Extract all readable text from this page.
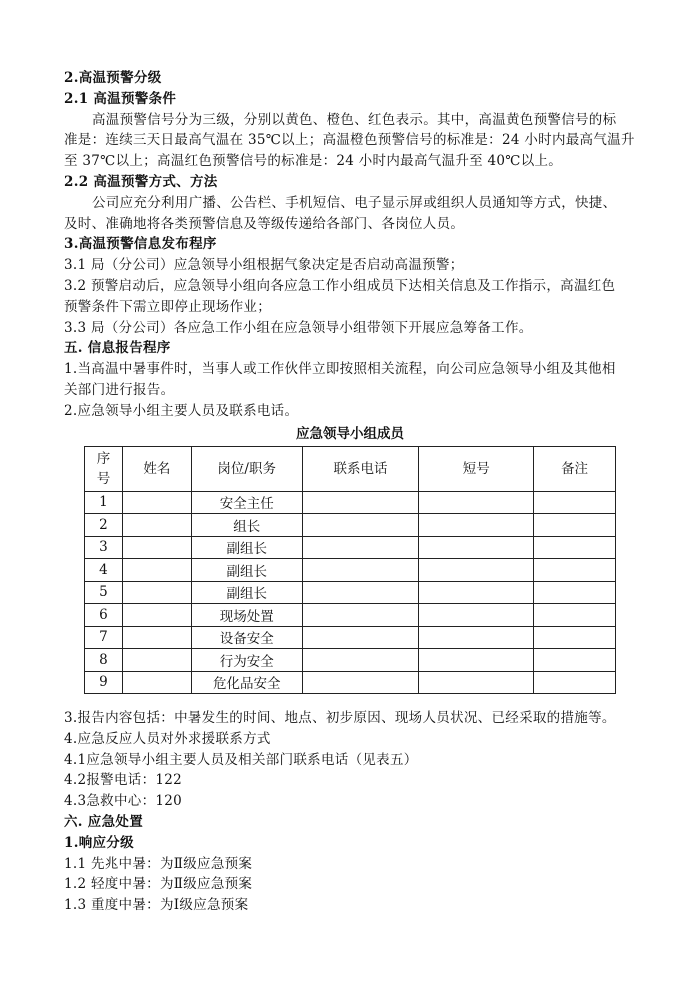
2.高温预警分级
2.1 高温预警条件
高温预警信号分为三级，分别以黄色、橙色、红色表示。其中，高温黄色预警信号的标
准是：连续三天日最高气温在 35℃以上；高温橙色预警信号的标准是：24 小时内最高气温升
至 37℃以上；高温红色预警信号的标准是：24 小时内最高气温升至 40℃以上。
2.2 高温预警方式、方法
公司应充分利用广播、公告栏、手机短信、电子显示屏或组织人员通知等方式，快捷、
及时、准确地将各类预警信息及等级传递给各部门、各岗位人员。
3.高温预警信息发布程序
3.1 局（分公司）应急领导小组根据气象决定是否启动高温预警；
3.2 预警启动后，应急领导小组向各应急工作小组成员下达相关信息及工作指示，高温红色
预警条件下需立即停止现场作业；
3.3 局（分公司）各应急工作小组在应急领导小组带领下开展应急筹备工作。
五. 信息报告程序
1.当高温中暑事件时，当事人或工作伙伴立即按照相关流程，向公司应急领导小组及其他相
关部门进行报告。
2.应急领导小组主要人员及联系电话。
应急领导小组成员
序号	姓名	岗位/职务	联系电话	短号	备注
1		安全主任			
2		组长			
3		副组长			
4		副组长			
5		副组长			
6		现场处置			
7		设备安全			
8		行为安全			
9		危化品安全			
3.报告内容包括：中暑发生的时间、地点、初步原因、现场人员状况、已经采取的措施等。
4.应急反应人员对外求援联系方式
4.1应急领导小组主要人员及相关部门联系电话（见表五）
4.2报警电话：122
4.3急救中心：120
六. 应急处置
1.响应分级
1.1 先兆中暑：为Ⅱ级应急预案
1.2 轻度中暑：为Ⅱ级应急预案
1.3 重度中暑：为Ⅰ级应急预案
